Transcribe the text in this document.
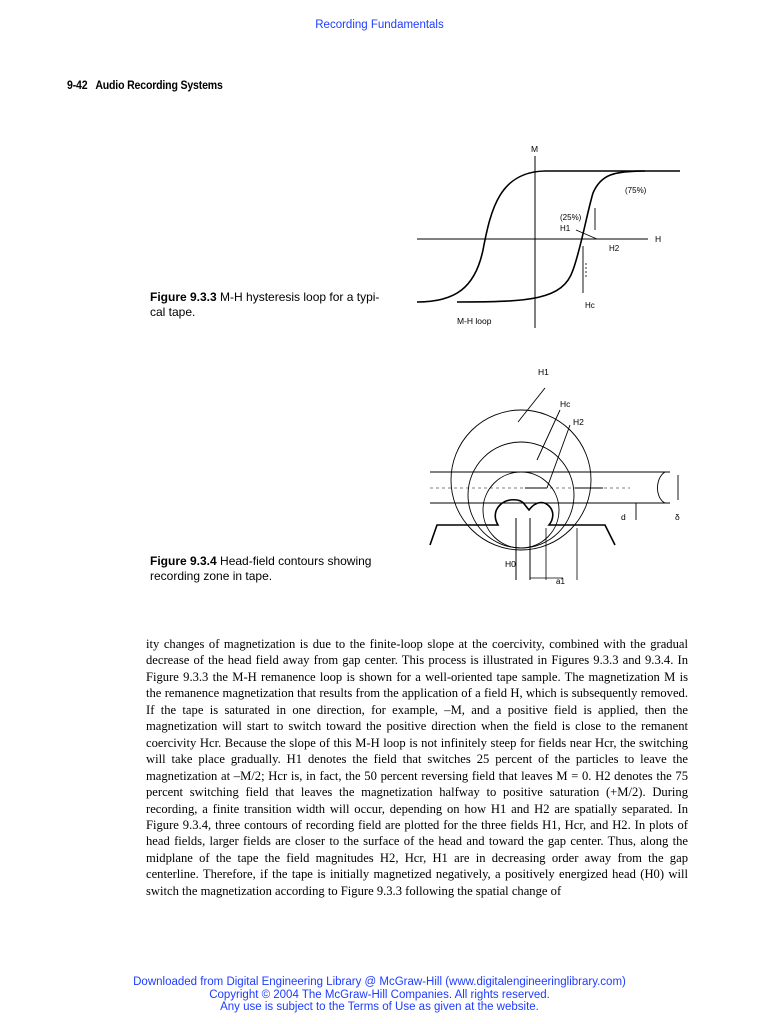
Recording Fundamentals
9-42   Audio Recording Systems
M
H
(75%)
(25%)
H1
H2
Hc
M-H loop
Figure 9.3.3 M-H hysteresis loop for a typi-
cal tape.
H1
Hc
H2
d	δ
H0
a1
Figure 9.3.4 Head-field contours showing
recording zone in tape.

ity changes of magnetization is due to the finite-loop slope at the coercivity, combined with the gradual decrease of the head field away from gap center. This process is illustrated in Figures 9.3.3 and 9.3.4. In Figure 9.3.3 the M-H remanence loop is shown for a well-oriented tape sample. The magnetization M is the remanence magnetization that results from the application of a field H, which is subsequently removed. If the tape is saturated in one direction, for example, –M, and a positive field is applied, then the magnetization will start to switch toward the positive direction when the field is close to the remanent coercivity Hcr. Because the slope of this M-H loop is not infinitely steep for fields near Hcr, the switching will take place gradually. H1 denotes the field that switches 25 percent of the particles to leave the magnetization at –M/2; Hcr is, in fact, the 50 percent reversing field that leaves M = 0. H2 denotes the 75 percent switching field that leaves the magnetization halfway to positive saturation (+M/2). During recording, a finite transition width will occur, depending on how H1 and H2 are spatially separated. In Figure 9.3.4, three contours of recording field are plotted for the three fields H1, Hcr, and H2. In plots of head fields, larger fields are closer to the surface of the head and toward the gap center. Thus, along the midplane of the tape the field magnitudes H2, Hcr, H1 are in decreasing order away from the gap centerline. Therefore, if the tape is initially magnetized negatively, a positively energized head (H0) will switch the magnetization according to Figure 9.3.3 following the spatial change of

Downloaded from Digital Engineering Library @ McGraw-Hill (www.digitalengineeringlibrary.com)
Copyright © 2004 The McGraw-Hill Companies. All rights reserved.
Any use is subject to the Terms of Use as given at the website.
